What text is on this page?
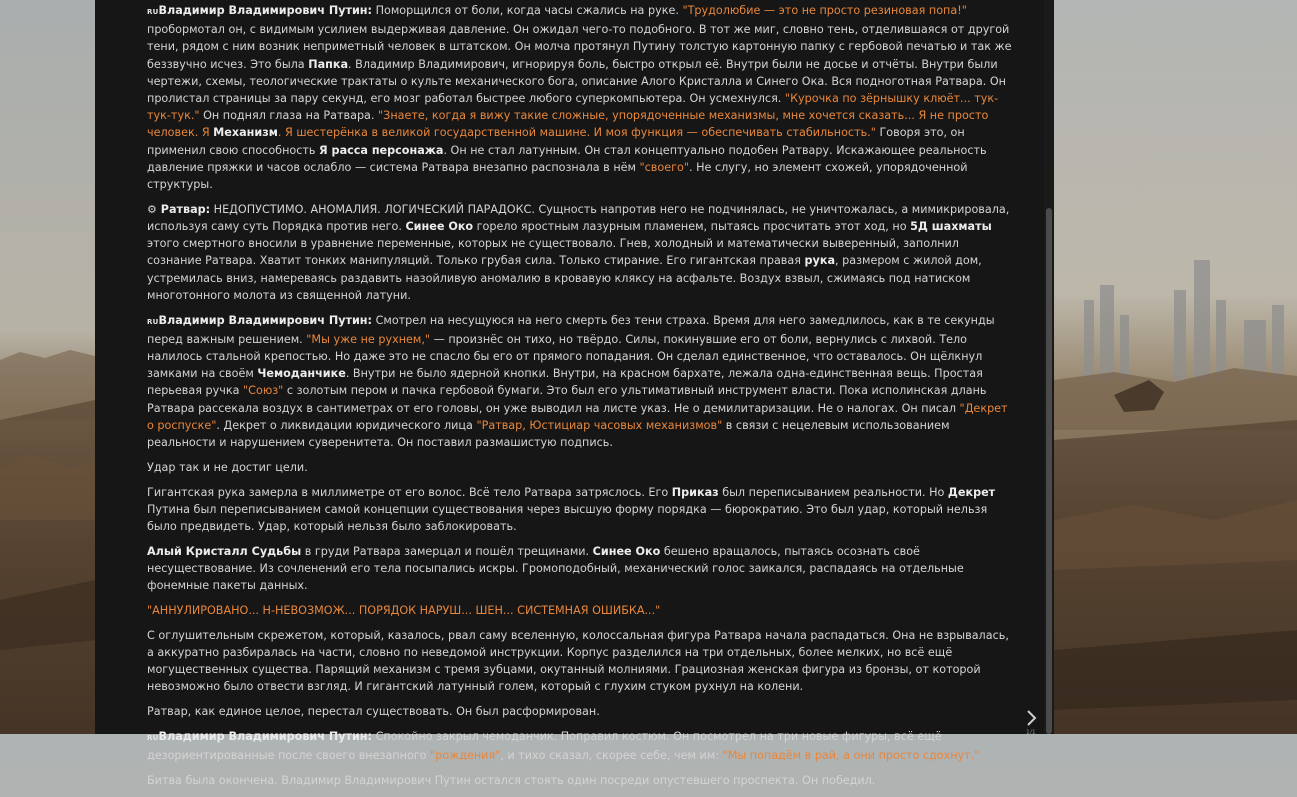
RUВладимир Владимирович Путин: Поморщился от боли, когда часы сжались на руке. "Трудолюбие — это не просто резиновая попа!" пробормотал он, с видимым усилием выдерживая давление. Он ожидал чего-то подобного. В тот же миг, словно тень, отделившаяся от другой тени, рядом с ним возник неприметный человек в штатском. Он молча протянул Путину толстую картонную папку с гербовой печатью и так же беззвучно исчез. Это была Папка. Владимир Владимирович, игнорируя боль, быстро открыл её. Внутри были не досье и отчёты. Внутри были чертежи, схемы, теологические трактаты о культе механического бога, описание Алого Кристалла и Синего Ока. Вся подноготная Ратвара. Он пролистал страницы за пару секунд, его мозг работал быстрее любого суперкомпьютера. Он усмехнулся. "Курочка по зёрнышку клюёт... тук-тук-тук." Он поднял глаза на Ратвара. "Знаете, когда я вижу такие сложные, упорядоченные механизмы, мне хочется сказать... Я не просто человек. Я Механизм. Я шестерёнка в великой государственной машине. И моя функция — обеспечивать стабильность." Говоря это, он применил свою способность Я расса персонажа. Он не стал латунным. Он стал концептуально подобен Ратвару. Искажающее реальность давление пряжки и часов ослабло — система Ратвара внезапно распознала в нём "своего". Не слугу, но элемент схожей, упорядоченной структуры.

⚙ Ратвар: НЕДОПУСТИМО. АНОМАЛИЯ. ЛОГИЧЕСКИЙ ПАРАДОКС. Сущность напротив него не подчинялась, не уничтожалась, а мимикрировала, используя саму суть Порядка против него. Синее Око горело яростным лазурным пламенем, пытаясь просчитать этот ход, но 5Д шахматы этого смертного вносили в уравнение переменные, которых не существовало. Гнев, холодный и математически выверенный, заполнил сознание Ратвара. Хватит тонких манипуляций. Только грубая сила. Только стирание. Его гигантская правая рука, размером с жилой дом, устремилась вниз, намереваясь раздавить назойливую аномалию в кровавую кляксу на асфальте. Воздух взвыл, сжимаясь под натиском многотонного молота из священной латуни.

RUВладимир Владимирович Путин: Смотрел на несущуюся на него смерть без тени страха. Время для него замедлилось, как в те секунды перед важным решением. "Мы уже не рухнем," — произнёс он тихо, но твёрдо. Силы, покинувшие его от боли, вернулись с лихвой. Тело налилось стальной крепостью. Но даже это не спасло бы его от прямого попадания. Он сделал единственное, что оставалось. Он щёлкнул замками на своём Чемоданчике. Внутри не было ядерной кнопки. Внутри, на красном бархате, лежала одна-единственная вещь. Простая перьевая ручка "Союз" с золотым пером и пачка гербовой бумаги. Это был его ультимативный инструмент власти. Пока исполинская длань Ратвара рассекала воздух в сантиметрах от его головы, он уже выводил на листе указ. Не о демилитаризации. Не о налогах. Он писал "Декрет о роспуске". Декрет о ликвидации юридического лица "Ратвар, Юстициар часовых механизмов" в связи с нецелевым использованием реальности и нарушением суверенитета. Он поставил размашистую подпись.

Удар так и не достиг цели.

Гигантская рука замерла в миллиметре от его волос. Всё тело Ратвара затряслось. Его Приказ был переписыванием реальности. Но Декрет Путина был переписыванием самой концепции существования через высшую форму порядка — бюрократию. Это был удар, который нельзя было предвидеть. Удар, который нельзя было заблокировать.

Алый Кристалл Судьбы в груди Ратвара замерцал и пошёл трещинами. Синее Око бешено вращалось, пытаясь осознать своё несуществование. Из сочленений его тела посыпались искры. Громоподобный, механический голос заикался, распадаясь на отдельные фонемные пакеты данных.

"АННУЛИРОВАНО... Н-НЕВОЗМОЖ... ПОРЯДОК НАРУШ... ШЕН... СИСТЕМНАЯ ОШИБКА..."

С оглушительным скрежетом, который, казалось, рвал саму вселенную, колоссальная фигура Ратвара начала распадаться. Она не взрывалась, а аккуратно разбиралась на части, словно по неведомой инструкции. Корпус разделился на три отдельных, более мелких, но всё ещё могущественных существа. Парящий механизм с тремя зубцами, окутанный молниями. Грациозная женская фигура из бронзы, от которой невозможно было отвести взгляд. И гигантский латунный голем, который с глухим стуком рухнул на колени.

Ратвар, как единое целое, перестал существовать. Он был расформирован.

RUВладимир Владимирович Путин: Спокойно закрыл чемоданчик. Поправил костюм. Он посмотрел на три новые фигуры, всё ещё дезориентированные после своего внезапного "рождения", и тихо сказал, скорее себе, чем им: "Мы попадём в рай, а они просто сдохнут."

Битва была окончена. Владимир Владимирович Путин остался стоять один посреди опустевшего проспекта. Он победил.

1/1
